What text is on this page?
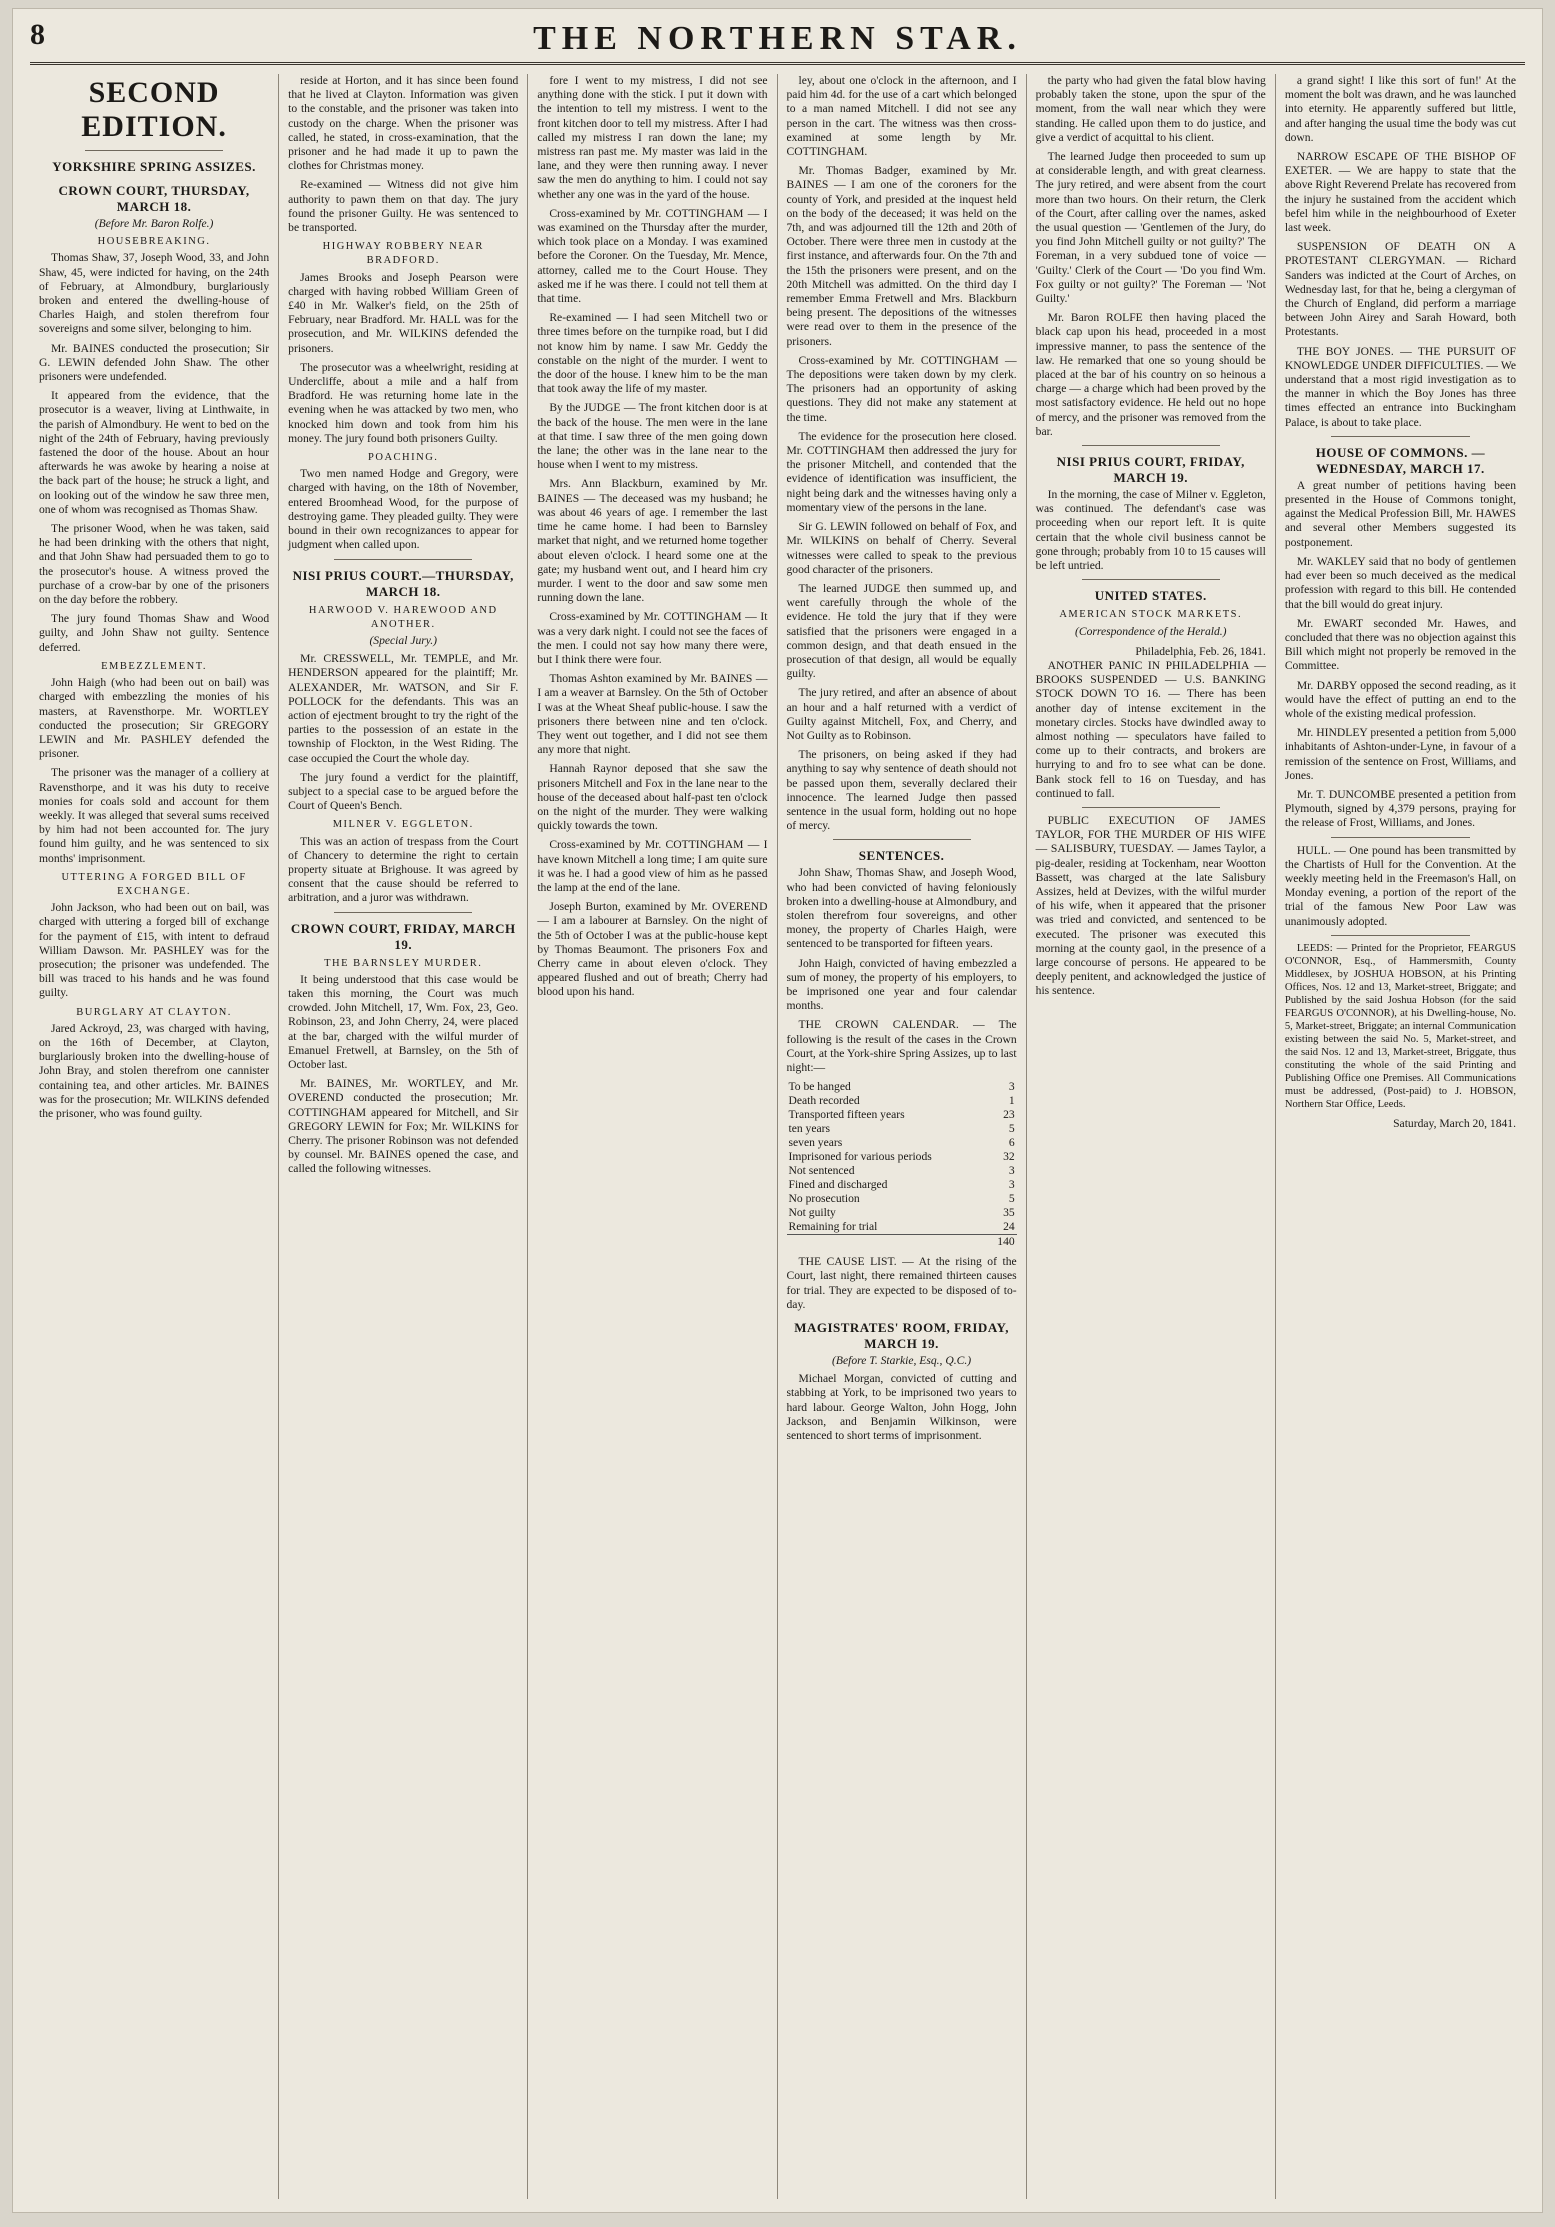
8	THE NORTHERN STAR.
SECOND EDITION.
YORKSHIRE SPRING ASSIZES.
CROWN COURT, THURSDAY, MARCH 18.
(Before Mr. Baron Rolfe.)
HOUSEBREAKING.

Thomas Shaw, 37, Joseph Wood, 33, and John Shaw, 45, were indicted for having, on the 24th of February, at Almondbury, burglariously broken and entered the dwelling-house of Charles Haigh, and stolen therefrom four sovereigns and some silver, belonging to him.

Mr. BAINES conducted the prosecution; Sir G. LEWIN defended John Shaw. The other prisoners were undefended.

It appeared from the evidence, that the prosecutor is a weaver, living at Linthwaite, in the parish of Almondbury. He went to bed on the night of the 24th of February, having previously fastened the door of the house. About an hour afterwards he was awoke by hearing a noise at the back part of the house; he struck a light, and on looking out of the window he saw three men, one of whom was recognised as Thomas Shaw.

The prisoner Wood, when he was taken, said he had been drinking with the others that night, and that John Shaw had persuaded them to go to the prosecutor's house. A witness proved the purchase of a crow-bar by one of the prisoners on the day before the robbery.

The jury found Thomas Shaw and Wood guilty, and John Shaw not guilty. Sentence deferred.

EMBEZZLEMENT.

John Haigh (who had been out on bail) was charged with embezzling the monies of his masters, at Ravensthorpe. Mr. WORTLEY conducted the prosecution; Sir GREGORY LEWIN and Mr. PASHLEY defended the prisoner.

The prisoner was the manager of a colliery at Ravensthorpe, and it was his duty to receive monies for coals sold and account for them weekly. It was alleged that several sums received by him had not been accounted for. The jury found him guilty, and he was sentenced to six months' imprisonment.

UTTERING A FORGED BILL OF EXCHANGE.

John Jackson, who had been out on bail, was charged with uttering a forged bill of exchange for the payment of £15, with intent to defraud William Dawson. Mr. PASHLEY was for the prosecution; the prisoner was undefended. The bill was traced to his hands and he was found guilty.

BURGLARY AT CLAYTON.

Jared Ackroyd, 23, was charged with having, on the 16th of December, at Clayton, burglariously broken into the dwelling-house of John Bray, and stolen therefrom one cannister containing tea, and other articles. Mr. BAINES was for the prosecution; Mr. WILKINS defended the prisoner, who was found guilty.

reside at Horton, and it has since been found that he lived at Clayton. Information was given to the constable, and the prisoner was taken into custody on the charge. When the prisoner was called, he stated, in cross-examination, that the prisoner and he had made it up to pawn the clothes for Christmas money.

Re-examined — Witness did not give him authority to pawn them on that day. The jury found the prisoner Guilty. He was sentenced to be transported.

HIGHWAY ROBBERY NEAR BRADFORD.

James Brooks and Joseph Pearson were charged with having robbed William Green of £40 in Mr. Walker's field, on the 25th of February, near Bradford. Mr. HALL was for the prosecution, and Mr. WILKINS defended the prisoners.

The prosecutor was a wheelwright, residing at Undercliffe, about a mile and a half from Bradford. He was returning home late in the evening when he was attacked by two men, who knocked him down and took from him his money. The jury found both prisoners Guilty.

POACHING.

Two men named Hodge and Gregory, were charged with having, on the 18th of November, entered Broomhead Wood, for the purpose of destroying game. They pleaded guilty. They were bound in their own recognizances to appear for judgment when called upon.

NISI PRIUS COURT.—THURSDAY, MARCH 18.
HARWOOD V. HAREWOOD AND ANOTHER.
(Special Jury.)

Mr. CRESSWELL, Mr. TEMPLE, and Mr. HENDERSON appeared for the plaintiff; Mr. ALEXANDER, Mr. WATSON, and Sir F. POLLOCK for the defendants. This was an action of ejectment brought to try the right of the parties to the possession of an estate in the township of Flockton, in the West Riding. The case occupied the Court the whole day.

The jury found a verdict for the plaintiff, subject to a special case to be argued before the Court of Queen's Bench.

MILNER V. EGGLETON.

This was an action of trespass from the Court of Chancery to determine the right to certain property situate at Brighouse. It was agreed by consent that the cause should be referred to arbitration, and a juror was withdrawn.

CROWN COURT, FRIDAY, MARCH 19.
THE BARNSLEY MURDER.

It being understood that this case would be taken this morning, the Court was much crowded. John Mitchell, 17, Wm. Fox, 23, Geo. Robinson, 23, and John Cherry, 24, were placed at the bar, charged with the wilful murder of Emanuel Fretwell, at Barnsley, on the 5th of October last.

Mr. BAINES, Mr. WORTLEY, and Mr. OVEREND conducted the prosecution; Mr. COTTINGHAM appeared for Mitchell, and Sir GREGORY LEWIN for Fox; Mr. WILKINS for Cherry. The prisoner Robinson was not defended by counsel. Mr. BAINES opened the case, and called the following witnesses.

fore I went to my mistress, I did not see anything done with the stick. I put it down with the intention to tell my mistress. I went to the front kitchen door to tell my mistress. After I had called my mistress I ran down the lane; my mistress ran past me. My master was laid in the lane, and they were then running away. I never saw the men do anything to him. I could not say whether any one was in the yard of the house.

Cross-examined by Mr. COTTINGHAM — I was examined on the Thursday after the murder, which took place on a Monday. I was examined before the Coroner. On the Tuesday, Mr. Mence, attorney, called me to the Court House. They asked me if he was there. I could not tell them at that time.

Re-examined — I had seen Mitchell two or three times before on the turnpike road, but I did not know him by name. I saw Mr. Geddy the constable on the night of the murder. I went to the door of the house. I knew him to be the man that took away the life of my master.

By the JUDGE — The front kitchen door is at the back of the house. The men were in the lane at that time. I saw three of the men going down the lane; the other was in the lane near to the house when I went to my mistress.

Mrs. Ann Blackburn, examined by Mr. BAINES — The deceased was my husband; he was about 46 years of age. I remember the last time he came home. I had been to Barnsley market that night, and we returned home together about eleven o'clock. I heard some one at the gate; my husband went out, and I heard him cry murder. I went to the door and saw some men running down the lane.

Cross-examined by Mr. COTTINGHAM — It was a very dark night. I could not see the faces of the men. I could not say how many there were, but I think there were four.

Thomas Ashton examined by Mr. BAINES — I am a weaver at Barnsley. On the 5th of October I was at the Wheat Sheaf public-house. I saw the prisoners there between nine and ten o'clock. They went out together, and I did not see them any more that night.

Hannah Raynor deposed that she saw the prisoners Mitchell and Fox in the lane near to the house of the deceased about half-past ten o'clock on the night of the murder. They were walking quickly towards the town.

Cross-examined by Mr. COTTINGHAM — I have known Mitchell a long time; I am quite sure it was he. I had a good view of him as he passed the lamp at the end of the lane.

Joseph Burton, examined by Mr. OVEREND — I am a labourer at Barnsley. On the night of the 5th of October I was at the public-house kept by Thomas Beaumont. The prisoners Fox and Cherry came in about eleven o'clock. They appeared flushed and out of breath; Cherry had blood upon his hand.

ley, about one o'clock in the afternoon, and I paid him 4d. for the use of a cart which belonged to a man named Mitchell. I did not see any person in the cart. The witness was then cross-examined at some length by Mr. COTTINGHAM.

Mr. Thomas Badger, examined by Mr. BAINES — I am one of the coroners for the county of York, and presided at the inquest held on the body of the deceased; it was held on the 7th, and was adjourned till the 12th and 20th of October. There were three men in custody at the first instance, and afterwards four. On the 7th and the 15th the prisoners were present, and on the 20th Mitchell was admitted. On the third day I remember Emma Fretwell and Mrs. Blackburn being present. The depositions of the witnesses were read over to them in the presence of the prisoners.

Cross-examined by Mr. COTTINGHAM — The depositions were taken down by my clerk. The prisoners had an opportunity of asking questions. They did not make any statement at the time.

The evidence for the prosecution here closed. Mr. COTTINGHAM then addressed the jury for the prisoner Mitchell, and contended that the evidence of identification was insufficient, the night being dark and the witnesses having only a momentary view of the persons in the lane.

Sir G. LEWIN followed on behalf of Fox, and Mr. WILKINS on behalf of Cherry. Several witnesses were called to speak to the previous good character of the prisoners.

The learned JUDGE then summed up, and went carefully through the whole of the evidence. He told the jury that if they were satisfied that the prisoners were engaged in a common design, and that death ensued in the prosecution of that design, all would be equally guilty.

The jury retired, and after an absence of about an hour and a half returned with a verdict of Guilty against Mitchell, Fox, and Cherry, and Not Guilty as to Robinson.

The prisoners, on being asked if they had anything to say why sentence of death should not be passed upon them, severally declared their innocence. The learned Judge then passed sentence in the usual form, holding out no hope of mercy.

SENTENCES.

John Shaw, Thomas Shaw, and Joseph Wood, who had been convicted of having feloniously broken into a dwelling-house at Almondbury, and stolen therefrom four sovereigns, and other money, the property of Charles Haigh, were sentenced to be transported for fifteen years.

John Haigh, convicted of having embezzled a sum of money, the property of his employers, to be imprisoned one year and four calendar months.

THE CROWN CALENDAR. — The following is the result of the cases in the Crown Court, at the York-shire Spring Assizes, up to last night:—

To be hanged	3
Death recorded	1
Transported fifteen years	23
ten years	5
seven years	6
Imprisoned for various periods	32
Not sentenced	3
Fined and discharged	3
No prosecution	5
Not guilty	35
Remaining for trial	24
	140

THE CAUSE LIST. — At the rising of the Court, last night, there remained thirteen causes for trial. They are expected to be disposed of to-day.

MAGISTRATES' ROOM, FRIDAY, MARCH 19.
(Before T. Starkie, Esq., Q.C.)

Michael Morgan, convicted of cutting and stabbing at York, to be imprisoned two years to hard labour. George Walton, John Hogg, John Jackson, and Benjamin Wilkinson, were sentenced to short terms of imprisonment.

the party who had given the fatal blow having probably taken the stone, upon the spur of the moment, from the wall near which they were standing. He called upon them to do justice, and give a verdict of acquittal to his client.

The learned Judge then proceeded to sum up at considerable length, and with great clearness. The jury retired, and were absent from the court more than two hours. On their return, the Clerk of the Court, after calling over the names, asked the usual question — 'Gentlemen of the Jury, do you find John Mitchell guilty or not guilty?' The Foreman, in a very subdued tone of voice — 'Guilty.' Clerk of the Court — 'Do you find Wm. Fox guilty or not guilty?' The Foreman — 'Not Guilty.'

Mr. Baron ROLFE then having placed the black cap upon his head, proceeded in a most impressive manner, to pass the sentence of the law. He remarked that one so young should be placed at the bar of his country on so heinous a charge — a charge which had been proved by the most satisfactory evidence. He held out no hope of mercy, and the prisoner was removed from the bar.

NISI PRIUS COURT, FRIDAY, MARCH 19.

In the morning, the case of Milner v. Eggleton, was continued. The defendant's case was proceeding when our report left. It is quite certain that the whole civil business cannot be gone through; probably from 10 to 15 causes will be left untried.

UNITED STATES.
AMERICAN STOCK MARKETS.
(Correspondence of the Herald.)
Philadelphia, Feb. 26, 1841.

ANOTHER PANIC IN PHILADELPHIA — BROOKS SUSPENDED — U.S. BANKING STOCK DOWN TO 16. — There has been another day of intense excitement in the monetary circles. Stocks have dwindled away to almost nothing — speculators have failed to come up to their contracts, and brokers are hurrying to and fro to see what can be done. Bank stock fell to 16 on Tuesday, and has continued to fall.

PUBLIC EXECUTION OF JAMES TAYLOR, FOR THE MURDER OF HIS WIFE — SALISBURY, TUESDAY. — James Taylor, a pig-dealer, residing at Tockenham, near Wootton Bassett, was charged at the late Salisbury Assizes, held at Devizes, with the wilful murder of his wife, when it appeared that the prisoner was tried and convicted, and sentenced to be executed. The prisoner was executed this morning at the county gaol, in the presence of a large concourse of persons. He appeared to be deeply penitent, and acknowledged the justice of his sentence.

a grand sight! I like this sort of fun!' At the moment the bolt was drawn, and he was launched into eternity. He apparently suffered but little, and after hanging the usual time the body was cut down.

NARROW ESCAPE OF THE BISHOP OF EXETER. — We are happy to state that the above Right Reverend Prelate has recovered from the injury he sustained from the accident which befel him while in the neighbourhood of Exeter last week.

SUSPENSION OF DEATH ON A PROTESTANT CLERGYMAN. — Richard Sanders was indicted at the Court of Arches, on Wednesday last, for that he, being a clergyman of the Church of England, did perform a marriage between John Airey and Sarah Howard, both Protestants.

THE BOY JONES. — THE PURSUIT OF KNOWLEDGE UNDER DIFFICULTIES. — We understand that a most rigid investigation as to the manner in which the Boy Jones has three times effected an entrance into Buckingham Palace, is about to take place.

HOUSE OF COMMONS. — WEDNESDAY, MARCH 17.

A great number of petitions having been presented in the House of Commons tonight, against the Medical Profession Bill, Mr. HAWES and several other Members suggested its postponement.

Mr. WAKLEY said that no body of gentlemen had ever been so much deceived as the medical profession with regard to this bill. He contended that the bill would do great injury.

Mr. EWART seconded Mr. Hawes, and concluded that there was no objection against this Bill which might not properly be removed in the Committee.

Mr. DARBY opposed the second reading, as it would have the effect of putting an end to the whole of the existing medical profession.

Mr. HINDLEY presented a petition from 5,000 inhabitants of Ashton-under-Lyne, in favour of a remission of the sentence on Frost, Williams, and Jones.

Mr. T. DUNCOMBE presented a petition from Plymouth, signed by 4,379 persons, praying for the release of Frost, Williams, and Jones.

HULL. — One pound has been transmitted by the Chartists of Hull for the Convention. At the weekly meeting held in the Freemason's Hall, on Monday evening, a portion of the report of the trial of the famous New Poor Law was unanimously adopted.

LEEDS: — Printed for the Proprietor, FEARGUS O'CONNOR, Esq., of Hammersmith, County Middlesex, by JOSHUA HOBSON, at his Printing Offices, Nos. 12 and 13, Market-street, Briggate; and Published by the said Joshua Hobson (for the said FEARGUS O'CONNOR), at his Dwelling-house, No. 5, Market-street, Briggate; an internal Communication existing between the said No. 5, Market-street, and the said Nos. 12 and 13, Market-street, Briggate, thus constituting the whole of the said Printing and Publishing Office one Premises. All Communications must be addressed, (Post-paid) to J. HOBSON, Northern Star Office, Leeds.

Saturday, March 20, 1841.
